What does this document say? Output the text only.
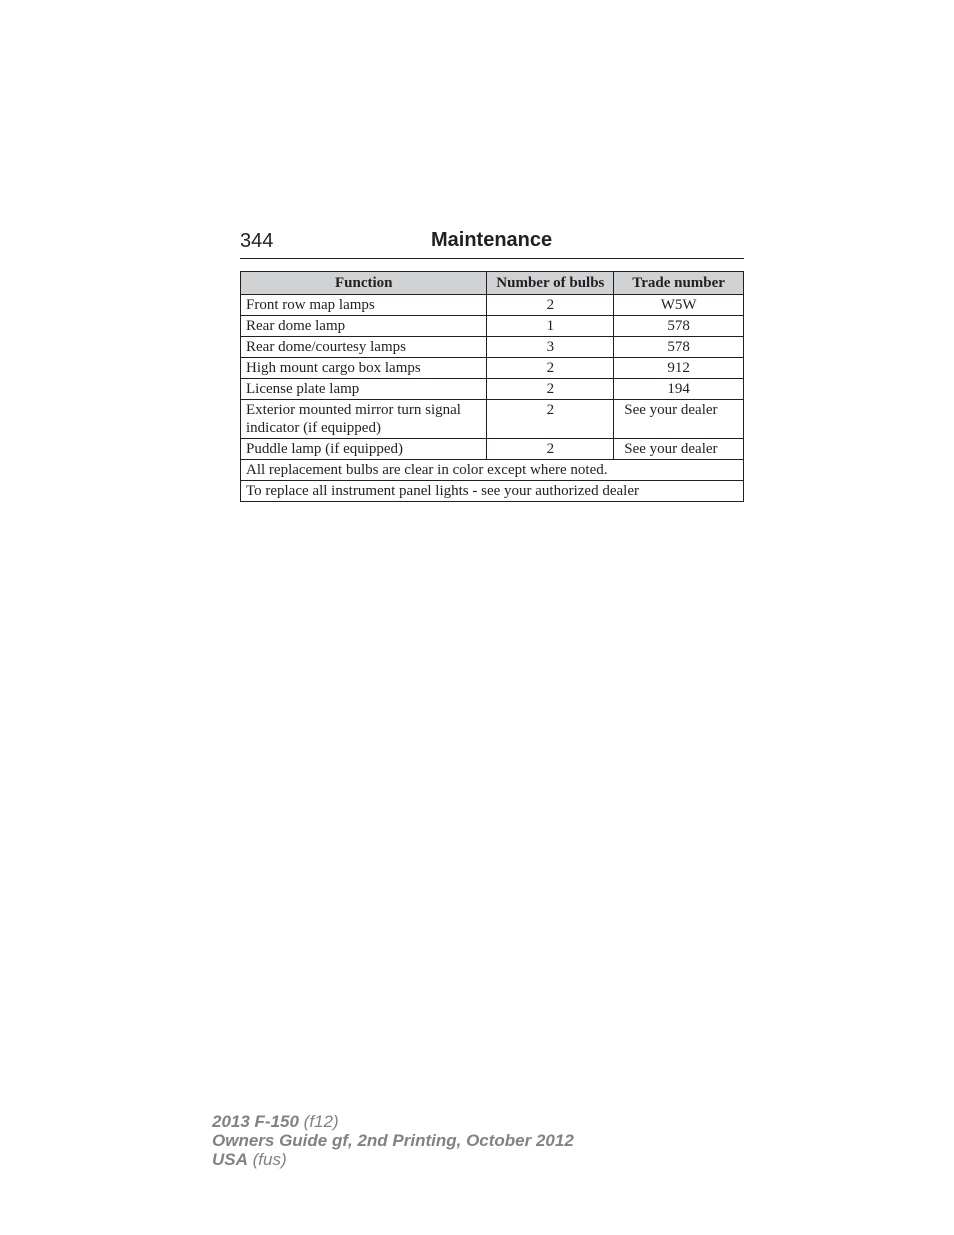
344	Maintenance
Function	Number of bulbs	Trade number
Front row map lamps	2	W5W
Rear dome lamp	1	578
Rear dome/courtesy lamps	3	578
High mount cargo box lamps	2	912
License plate lamp	2	194
Exterior mounted mirror turn signal indicator (if equipped)	2	See your dealer
Puddle lamp (if equipped)	2	See your dealer
All replacement bulbs are clear in color except where noted.		
To replace all instrument panel lights - see your authorized dealer		
2013 F-150 (f12)
Owners Guide gf, 2nd Printing, October 2012
USA (fus)
